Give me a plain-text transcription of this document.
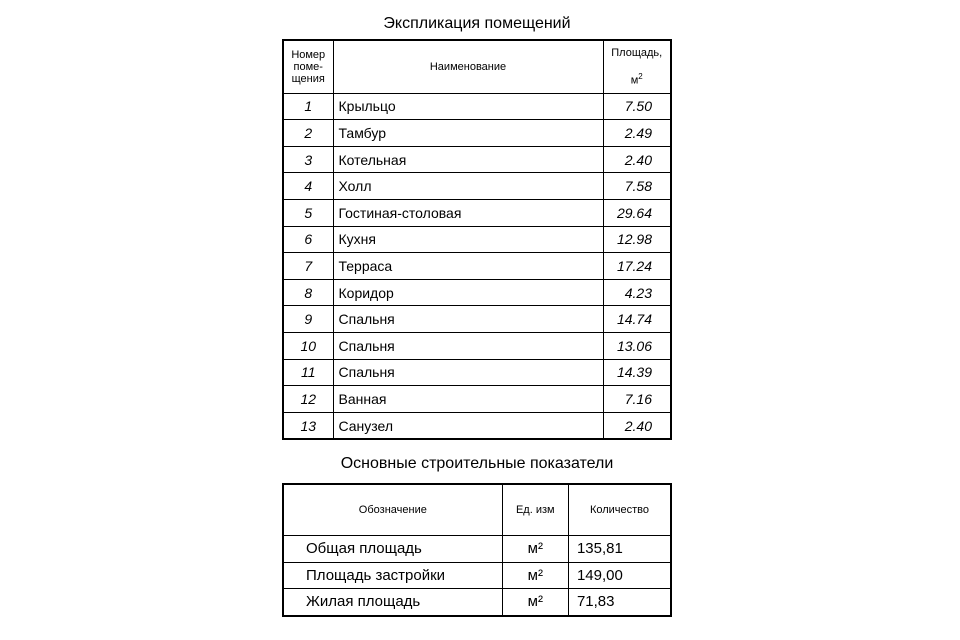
Экспликация помещений
Номер
поме-
щения	Наименование	Площадь,
$м^2$

1	Крыльцо	7.50
2	Тамбур	2.49
3	Котельная	2.40
4	Холл	7.58
5	Гостиная-столовая	29.64
6	Кухня	12.98
7	Терраса	17.24
8	Коридор	4.23
9	Спальня	14.74
10	Спальня	13.06
11	Спальня	14.39
12	Ванная	7.16
13	Санузел	2.40
Основные строительные показатели
Обозначение	Ед. изм	Количество
Общая площадь	м²	135,81
Площадь застройки	м²	149,00
Жилая площадь	м²	71,83
